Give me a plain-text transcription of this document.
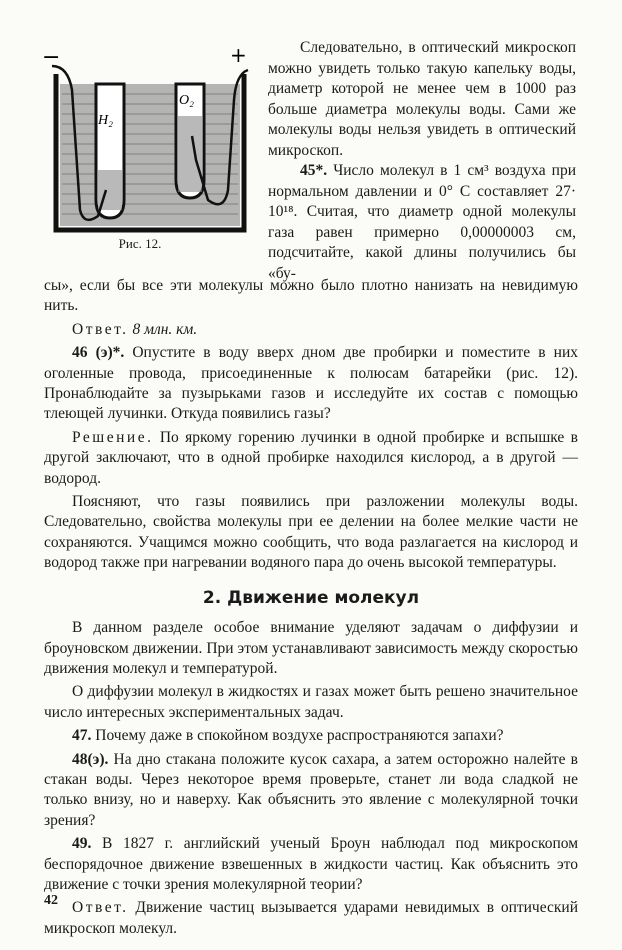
−	+
H₂
O₂
Рис. 12.

Следовательно, в оптический микроскоп можно увидеть только такую капельку воды, диаметр которой не менее чем в 1000 раз больше диаметра молекулы воды. Сами же молекулы воды нельзя увидеть в оптический микроскоп.

45*. Число молекул в 1 см³ воздуха при нормальном давлении и 0° С составляет 27· 10¹⁸. Считая, что диаметр одной молекулы газа равен примерно 0,00000003 см, подсчитайте, какой длины получились бы «бу-

сы», если бы все эти молекулы можно было плотно нанизать на невидимую нить.

Ответ. 8 млн. км.

46 (э)*. Опустите в воду вверх дном две пробирки и поместите в них оголенные провода, присоединенные к полюсам батарейки (рис. 12). Пронаблюдайте за пузырьками газов и исследуйте их состав с помощью тлеющей лучинки. Откуда появились газы?

Решение. По яркому горению лучинки в одной пробирке и вспышке в другой заключают, что в одной пробирке находился кислород, а в другой — водород.

Поясняют, что газы появились при разложении молекулы воды. Следовательно, свойства молекулы при ее делении на более мелкие части не сохраняются. Учащимся можно сообщить, что вода разлагается на кислород и водород также при нагревании водяного пара до очень высокой температуры.

2. Движение молекул

В данном разделе особое внимание уделяют задачам о диффузии и броуновском движении. При этом устанавливают зависимость между скоростью движения молекул и температурой.

О диффузии молекул в жидкостях и газах может быть решено значительное число интересных экспериментальных задач.

47. Почему даже в спокойном воздухе распространяются запахи?

48(э). На дно стакана положите кусок сахара, а затем осторожно налейте в стакан воды. Через некоторое время проверьте, станет ли вода сладкой не только внизу, но и наверху. Как объяснить это явление с молекулярной точки зрения?

49. В 1827 г. английский ученый Броун наблюдал под микроскопом беспорядочное движение взвешенных в жидкости частиц. Как объяснить это движение с точки зрения молекулярной теории?

Ответ. Движение частиц вызывается ударами невидимых в оптический микроскоп молекул.

42
